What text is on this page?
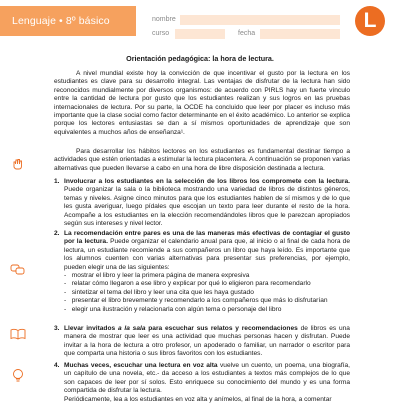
Lenguaje • 8º básico	nombre
curso	fecha
L
Orientación pedagógica: la hora de lectura.

A nivel mundial existe hoy la convicción de que incentivar el gusto por la lectura en los estudiantes es clave para su desarrollo integral. Las ventajas de disfrutar de la lectura han sido reconocidos mundialmente por diversos organismos: de acuerdo con PIRLS hay un fuerte vínculo entre la cantidad de lectura por gusto que los estudiantes realizan y sus logros en las pruebas internacionales de lectura. Por su parte, la OCDE ha concluido que leer por placer es incluso más importante que la clase social como factor determinante en el éxito académico. Lo anterior se explica porque los lectores entusiastas se dan a sí mismos oportunidades de aprendizaje que son equivalentes a muchos años de enseñanza¹.

Para desarrollar los hábitos lectores en los estudiantes es fundamental destinar tiempo a actividades que estén orientadas a estimular la lectura placentera. A continuación se proponen varias alternativas que pueden llevarse a cabo en una hora de libre disposición destinada a lectura.

1. Involucrar a los estudiantes en la selección de los libros los compromete con la lectura. Puede organizar la sala o la biblioteca mostrando una variedad de libros de distintos géneros, temas y niveles. Asigne cinco minutos para que los estudiantes hablen de sí mismos y de lo que les gusta averiguar, luego pídales que escojan un texto para leer durante el resto de la hora. Acompañe a los estudiantes en la elección recomendándoles libros que le parezcan apropiados según sus intereses y nivel lector.
2. La recomendación entre pares es una de las maneras más efectivas de contagiar el gusto por la lectura. Puede organizar el calendario anual para que, al inicio o al final de cada hora de lectura, un estudiante recomiende a sus compañeros un libro que haya leído. Es importante que los alumnos cuenten con varias alternativas para presentar sus preferencias, por ejemplo, pueden elegir una de las siguientes:
-   mostrar el libro y leer la primera página de manera expresiva
-   relatar cómo llegaron a ese libro y explicar por qué lo eligieron para recomendarlo
-   sintetizar el tema del libro y leer una cita que les haya gustado
-   presentar el libro brevemente y recomendarlo a los compañeros que más lo disfrutarían
-   elegir una ilustración y relacionarla con algún tema o personaje del libro
3. Llevar invitados a la sala para escuchar sus relatos y recomendaciones de libros es una manera de mostrar que leer es una actividad que muchas personas hacen y disfrutan. Puede invitar a la hora de lectura a otro profesor, un apoderado o familiar, un narrador o escritor para que comparta una historia o sus libros favoritos con los estudiantes.
4. Muchas veces, escuchar una lectura en voz alta vuelve un cuento, un poema, una biografía, un capítulo de una novela, etc.- da acceso a los estudiantes a textos más complejos de lo que son capaces de leer por sí solos. Esto enriquece su conocimiento del mundo y es una forma compartida de disfrutar la lectura.
Periódicamente, lea a los estudiantes en voz alta y anímelos, al final de la hora, a comentar
